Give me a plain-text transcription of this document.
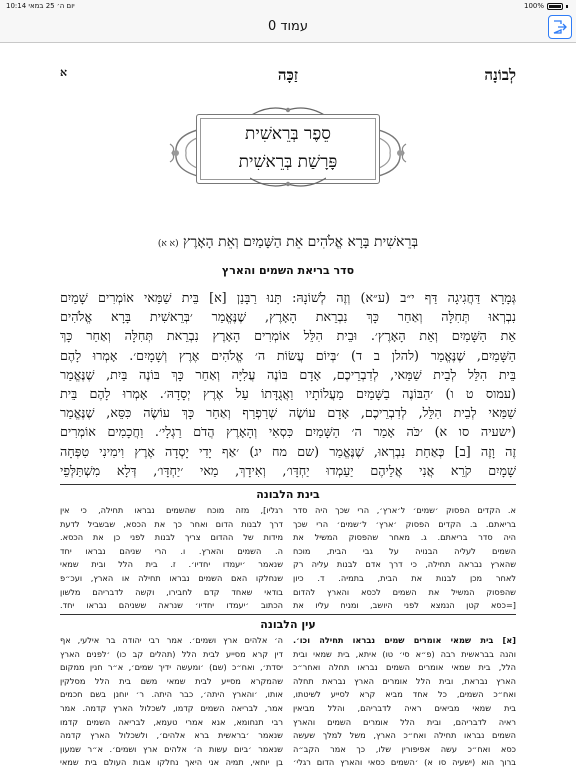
10:14 יום ה׳ 25 במאי	100%
עמוד 0
לְבוֹנָה
זַכָּה
א
סֵפֶר בְּרֵאשִׁית
פָּרָשַׁת בְּרֵאשִׁית
בְּרֵאשִׁית בָּרָא אֱלֹהִים אֵת הַשָּׁמַיִם וְאֵת הָאָרֶץ (א א)
סדר בריאת השמים והארץ
גְּמָרָא דַּחֲגִיגָה דַּף י״ב (ע״א) וְזֶה לְשׁוֹנָהּ: תָּנוּ רַבָּנַן [א] בֵּית שַׁמַּאי אוֹמְרִים שָׁמַיִם
נִבְרְאוּ תְּחִלָּה וְאַחַר כָּךְ נִבְרֵאת הָאָרֶץ, שֶׁנֶּאֱמַר ׳בְּרֵאשִׁית בָּרָא אֱלֹהִים
אֵת הַשָּׁמַיִם וְאֵת הָאָרֶץ׳. וּבֵית הִלֵּל אוֹמְרִים הָאָרֶץ נִבְרֵאת תְּחִלָּה וְאַחַר כָּךְ
הַשָּׁמַיִם, שֶׁנֶּאֱמַר (להלן ב ד) ׳בְּיוֹם עֲשׂוֹת ה׳ אֱלֹהִים אֶרֶץ וְשָׁמָיִם׳. אָמְרוּ לָהֶם
בֵּית הִלֵּל לְבֵית שַׁמַּאי, לְדִבְרֵיכֶם, אָדָם בּוֹנֶה עֲלִיָּה וְאַחַר כָּךְ בּוֹנֶה בַּיִת, שֶׁנֶּאֱמַר
(עמוס ט ו) ׳הַבּוֹנֶה בַשָּׁמַיִם מַעֲלוֹתָיו וַאֲגֻדָּתוֹ עַל אֶרֶץ יְסָדָהּ׳. אָמְרוּ לָהֶם בֵּית
שַׁמַּאי לְבֵית הִלֵּל, לְדִבְרֵיכֶם, אָדָם עוֹשֶׂה שְׁרַפְרַף וְאַחַר כָּךְ עוֹשֶׂה כִּסֵּא, שֶׁנֶּאֱמַר
(ישעיה סו א) ׳כֹּה אָמַר ה׳ הַשָּׁמַיִם כִּסְאִי וְהָאָרֶץ הֲדֹם רַגְלָי׳. וַחֲכָמִים אוֹמְרִים
זֶה וָזֶה [ב] כְּאַחַת נִבְרְאוּ, שֶׁנֶּאֱמַר (שם מח יג) ׳אַף יָדִי יָסְדָה אֶרֶץ וִימִינִי טִפְּחָה
שָׁמָיִם קֹרֵא אֲנִי אֲלֵיהֶם יַעַמְדוּ יַחְדָּו׳, וְאִידָךְ, מַאי ׳יַחְדָּו׳, דְּלָא מִשְׁתַּלְּפֵי
בינת הלבונה
א. הקדים הפסוק ׳שמים׳ ל׳ארץ׳, הרי שכך היה סדר
בריאתם. ב. הקדים הפסוק ׳ארץ׳ ל׳שמים׳ הרי שכך
היה סדר בריאתם. ג. מאחר שהפסוק המשיל את
השמים לעליה הבנויה על גבי הבית, מוכח
שהארץ נבראה תחילה, כי דרך אדם לבנות עליה רק
לאחר מכן לבנות את הבית, בתמיה. ד. כיון
שהפסוק המשיל את השמים לכסא והארץ להדום
[=כסא קטן הנמצא לפני היושב, ומניח עליו את
רגליו], מזה מוכח שהשמים נבראו תחילה, כי אין
דרך לבנות הדום ואחר כך את הכסא, שבשביל לדעת
מידות של ההדום צריך לבנות לפני כן את הכסא.
ה. השמים והארץ. ו. הרי שניהם נבראו יחד
שנאמר ׳יעמדו יחדיו׳. ז. בית הלל ובית שמאי
שנחלקו האם השמים נבראו תחילה או הארץ, ועכ״פ
בודאי שאחד קדם לחבירו, וקשה לדבריהם מלשון
הכתוב ׳יעמדו יחדיו׳ שנראה ששניהם נבראו יחד.
עין הלבונה
[א] בית שמאי אומרים שמים נבראו תחילה וכו׳.
והנה בבראשית רבה (פ״א סי׳ טו) איתא, בית שמאי ובית
הלל, בית שמאי אומרים השמים נבראו תחלה ואחר״כ
הארץ נבראת, ובית הלל אומרים הארץ נבראת תחלה
ואח״כ השמים, כל אחד מביא קרא לסייע לשיטתו,
בית שמאי מביאים ראיה לדבריהם, והלל מביאין
ראיה לדבריהם, ובית הלל אומרים השמים והארץ
השמים נבראו תחילה ואח״כ הארץ, משל למלך שעשה
כסא ואח״כ עשה אפיפורין שלו, כך אמר הקב״ה
ברוך הוא (ישעיה סו א) ׳השמים כסאי והארץ הדום רגלי׳
ה׳ אלהים ארץ ושמים׳. אמר רבי יהודה בר אילעי, אף
דין קרא מסייע לבית הלל (תהלים קב כו) ׳לפנים הארץ
יסדת׳, ואח״כ (שם) ׳ומעשה ידיך שמים׳, א״ר חנין ממקום
שהמקרא מסייע לבית שמאי משם בית הלל מסלקין
אותו, ׳והארץ היתה׳, כבר היתה. ר׳ יוחנן בשם חכמים
אמר, לבריאה השמים קדמו, לשכלול הארץ קדמה. אמר
רבי תנחומא, אנא אמרי טעמא, לבריאה השמים קדמו
שנאמר ׳בראשית ברא אלהים׳, ולשכלול הארץ קדמה
שנאמר ׳ביום עשות ה׳ אלהים ארץ ושמים׳. א״ר שמעון
בן יוחאי, תמיה אני היאך נחלקו אבות העולם בית שמאי
